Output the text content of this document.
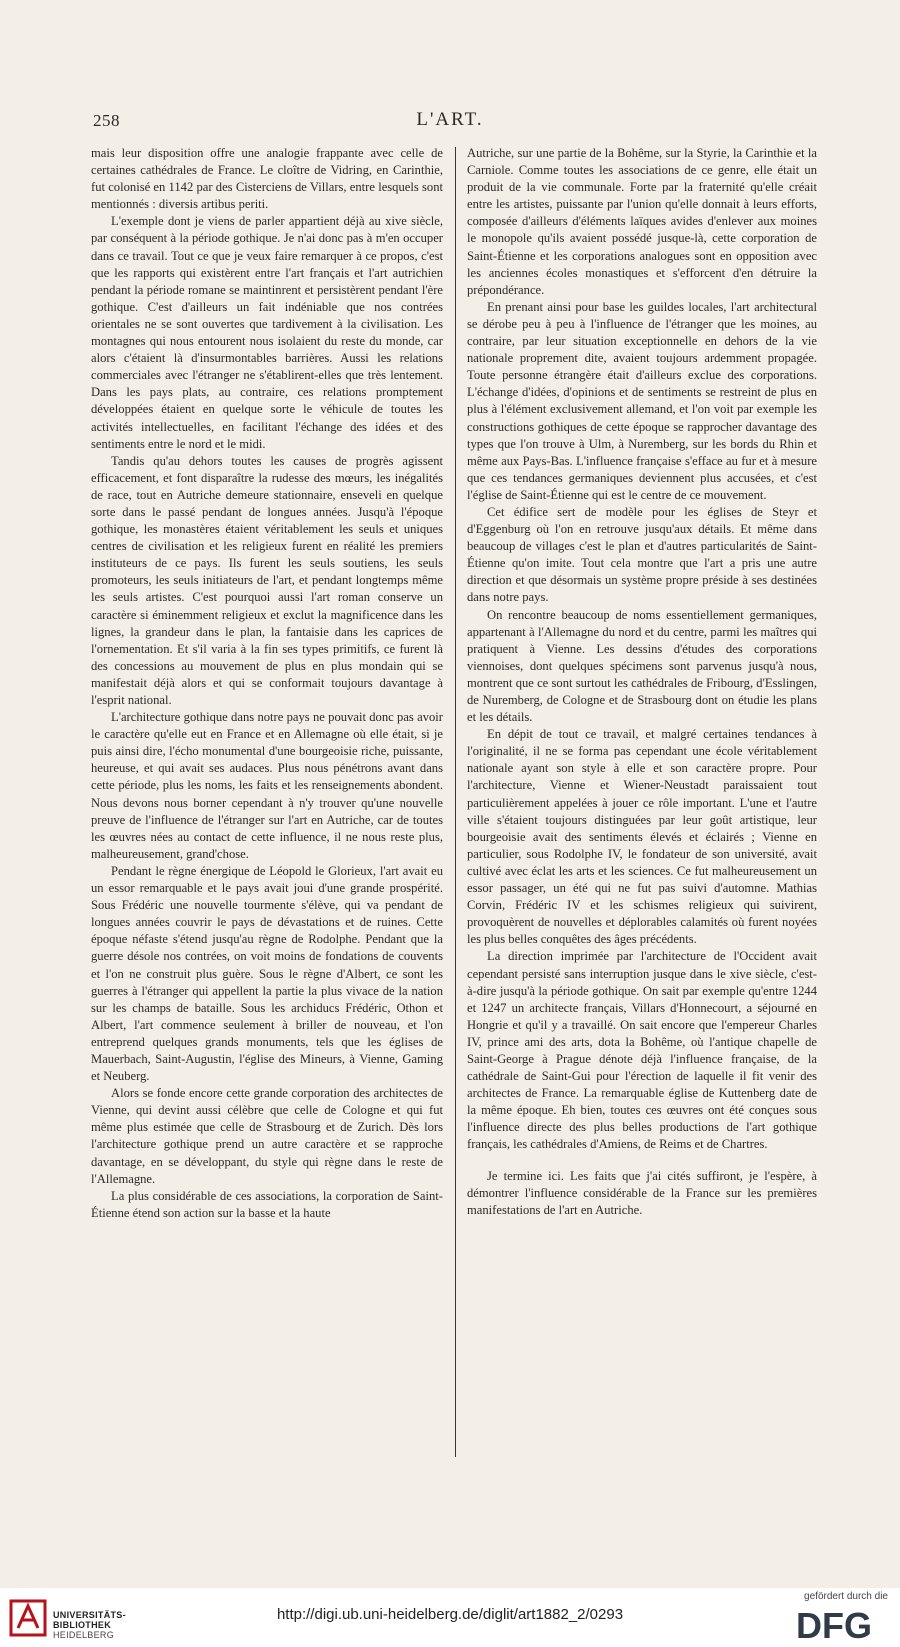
258	L'ART.

mais leur disposition offre une analogie frappante avec celle de certaines cathédrales de France. Le cloître de Vidring, en Carinthie, fut colonisé en 1142 par des Cisterciens de Villars, entre lesquels sont mentionnés : diversis artibus periti.

L'exemple dont je viens de parler appartient déjà au xive siècle, par conséquent à la période gothique. Je n'ai donc pas à m'en occuper dans ce travail. Tout ce que je veux faire remarquer à ce propos, c'est que les rapports qui existèrent entre l'art français et l'art autrichien pendant la période romane se maintinrent et persistèrent pendant l'ère gothique. C'est d'ailleurs un fait indéniable que nos contrées orientales ne se sont ouvertes que tardivement à la civilisation. Les montagnes qui nous entourent nous isolaient du reste du monde, car alors c'étaient là d'insurmontables barrières. Aussi les relations commerciales avec l'étranger ne s'établirent-elles que très lentement. Dans les pays plats, au contraire, ces relations promptement développées étaient en quelque sorte le véhicule de toutes les activités intellectuelles, en facilitant l'échange des idées et des sentiments entre le nord et le midi.

Tandis qu'au dehors toutes les causes de progrès agissent efficacement, et font disparaître la rudesse des mœurs, les inégalités de race, tout en Autriche demeure stationnaire, enseveli en quelque sorte dans le passé pendant de longues années. Jusqu'à l'époque gothique, les monastères étaient véritablement les seuls et uniques centres de civilisation et les religieux furent en réalité les premiers instituteurs de ce pays. Ils furent les seuls soutiens, les seuls promoteurs, les seuls initiateurs de l'art, et pendant longtemps même les seuls artistes. C'est pourquoi aussi l'art roman conserve un caractère si éminemment religieux et exclut la magnificence dans les lignes, la grandeur dans le plan, la fantaisie dans les caprices de l'ornementation. Et s'il varia à la fin ses types primitifs, ce furent là des concessions au mouvement de plus en plus mondain qui se manifestait déjà alors et qui se conformait toujours davantage à l'esprit national.

L'architecture gothique dans notre pays ne pouvait donc pas avoir le caractère qu'elle eut en France et en Allemagne où elle était, si je puis ainsi dire, l'écho monumental d'une bourgeoisie riche, puissante, heureuse, et qui avait ses audaces. Plus nous pénétrons avant dans cette période, plus les noms, les faits et les renseignements abondent. Nous devons nous borner cependant à n'y trouver qu'une nouvelle preuve de l'influence de l'étranger sur l'art en Autriche, car de toutes les œuvres nées au contact de cette influence, il ne nous reste plus, malheureusement, grand'chose.

Pendant le règne énergique de Léopold le Glorieux, l'art avait eu un essor remarquable et le pays avait joui d'une grande prospérité. Sous Frédéric une nouvelle tourmente s'élève, qui va pendant de longues années couvrir le pays de dévastations et de ruines. Cette époque néfaste s'étend jusqu'au règne de Rodolphe. Pendant que la guerre désole nos contrées, on voit moins de fondations de couvents et l'on ne construit plus guère. Sous le règne d'Albert, ce sont les guerres à l'étranger qui appellent la partie la plus vivace de la nation sur les champs de bataille. Sous les archiducs Frédéric, Othon et Albert, l'art commence seulement à briller de nouveau, et l'on entreprend quelques grands monuments, tels que les églises de Mauerbach, Saint-Augustin, l'église des Mineurs, à Vienne, Gaming et Neuberg.

Alors se fonde encore cette grande corporation des architectes de Vienne, qui devint aussi célèbre que celle de Cologne et qui fut même plus estimée que celle de Strasbourg et de Zurich. Dès lors l'architecture gothique prend un autre caractère et se rapproche davantage, en se développant, du style qui règne dans le reste de l'Allemagne.

La plus considérable de ces associations, la corporation de Saint-Étienne étend son action sur la basse et la haute

Autriche, sur une partie de la Bohême, sur la Styrie, la Carinthie et la Carniole. Comme toutes les associations de ce genre, elle était un produit de la vie communale. Forte par la fraternité qu'elle créait entre les artistes, puissante par l'union qu'elle donnait à leurs efforts, composée d'ailleurs d'éléments laïques avides d'enlever aux moines le monopole qu'ils avaient possédé jusque-là, cette corporation de Saint-Étienne et les corporations analogues sont en opposition avec les anciennes écoles monastiques et s'efforcent d'en détruire la prépondérance.

En prenant ainsi pour base les guildes locales, l'art architectural se dérobe peu à peu à l'influence de l'étranger que les moines, au contraire, par leur situation exceptionnelle en dehors de la vie nationale proprement dite, avaient toujours ardemment propagée. Toute personne étrangère était d'ailleurs exclue des corporations. L'échange d'idées, d'opinions et de sentiments se restreint de plus en plus à l'élément exclusivement allemand, et l'on voit par exemple les constructions gothiques de cette époque se rapprocher davantage des types que l'on trouve à Ulm, à Nuremberg, sur les bords du Rhin et même aux Pays-Bas. L'influence française s'efface au fur et à mesure que ces tendances germaniques deviennent plus accusées, et c'est l'église de Saint-Étienne qui est le centre de ce mouvement.

Cet édifice sert de modèle pour les églises de Steyr et d'Eggenburg où l'on en retrouve jusqu'aux détails. Et même dans beaucoup de villages c'est le plan et d'autres particularités de Saint-Étienne qu'on imite. Tout cela montre que l'art a pris une autre direction et que désormais un système propre préside à ses destinées dans notre pays.

On rencontre beaucoup de noms essentiellement germaniques, appartenant à l'Allemagne du nord et du centre, parmi les maîtres qui pratiquent à Vienne. Les dessins d'études des corporations viennoises, dont quelques spécimens sont parvenus jusqu'à nous, montrent que ce sont surtout les cathédrales de Fribourg, d'Esslingen, de Nuremberg, de Cologne et de Strasbourg dont on étudie les plans et les détails.

En dépit de tout ce travail, et malgré certaines tendances à l'originalité, il ne se forma pas cependant une école véritablement nationale ayant son style à elle et son caractère propre. Pour l'architecture, Vienne et Wiener-Neustadt paraissaient tout particulièrement appelées à jouer ce rôle important. L'une et l'autre ville s'étaient toujours distinguées par leur goût artistique, leur bourgeoisie avait des sentiments élevés et éclairés ; Vienne en particulier, sous Rodolphe IV, le fondateur de son université, avait cultivé avec éclat les arts et les sciences. Ce fut malheureusement un essor passager, un été qui ne fut pas suivi d'automne. Mathias Corvin, Frédéric IV et les schismes religieux qui suivirent, provoquèrent de nouvelles et déplorables calamités où furent noyées les plus belles conquêtes des âges précédents.

La direction imprimée par l'architecture de l'Occident avait cependant persisté sans interruption jusque dans le xive siècle, c'est-à-dire jusqu'à la période gothique. On sait par exemple qu'entre 1244 et 1247 un architecte français, Villars d'Honnecourt, a séjourné en Hongrie et qu'il y a travaillé. On sait encore que l'empereur Charles IV, prince ami des arts, dota la Bohême, où l'antique chapelle de Saint-George à Prague dénote déjà l'influence française, de la cathédrale de Saint-Gui pour l'érection de laquelle il fit venir des architectes de France. La remarquable église de Kuttenberg date de la même époque. Eh bien, toutes ces œuvres ont été conçues sous l'influence directe des plus belles productions de l'art gothique français, les cathédrales d'Amiens, de Reims et de Chartres.

Je termine ici. Les faits que j'ai cités suffiront, je l'espère, à démontrer l'influence considérable de la France sur les premières manifestations de l'art en Autriche.

UNIVERSITÄTS-
BIBLIOTHEK
HEIDELBERG
http://digi.ub.uni-heidelberg.de/diglit/art1882_2/0293
gefördert durch die
DFG
